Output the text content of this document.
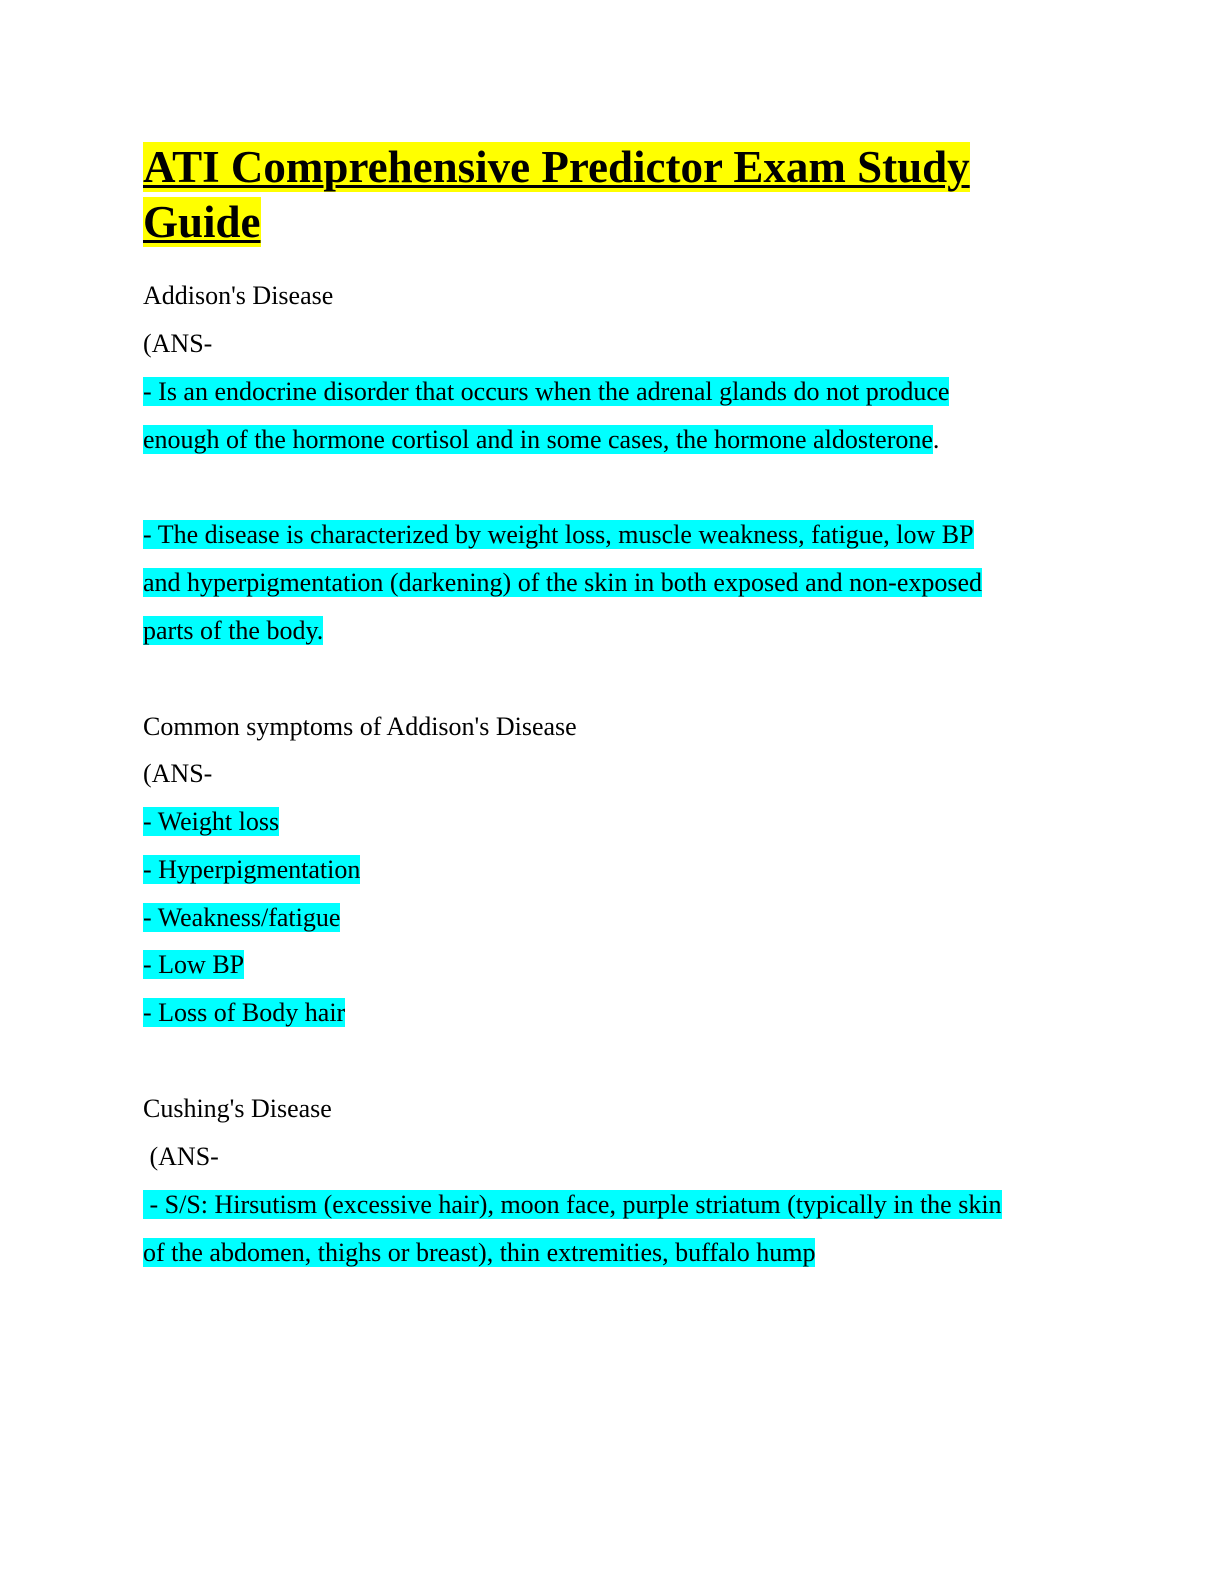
ATI Comprehensive Predictor Exam Study
Guide

Addison's Disease

(ANS-

- Is an endocrine disorder that occurs when the adrenal glands do not produce

enough of the hormone cortisol and in some cases, the hormone aldosterone.

- The disease is characterized by weight loss, muscle weakness, fatigue, low BP

and hyperpigmentation (darkening) of the skin in both exposed and non-exposed

parts of the body.

Common symptoms of Addison's Disease

(ANS-

- Weight loss

- Hyperpigmentation

- Weakness/fatigue

- Low BP

- Loss of Body hair

Cushing's Disease

(ANS-

- S/S: Hirsutism (excessive hair), moon face, purple striatum (typically in the skin

of the abdomen, thighs or breast), thin extremities, buffalo hump
